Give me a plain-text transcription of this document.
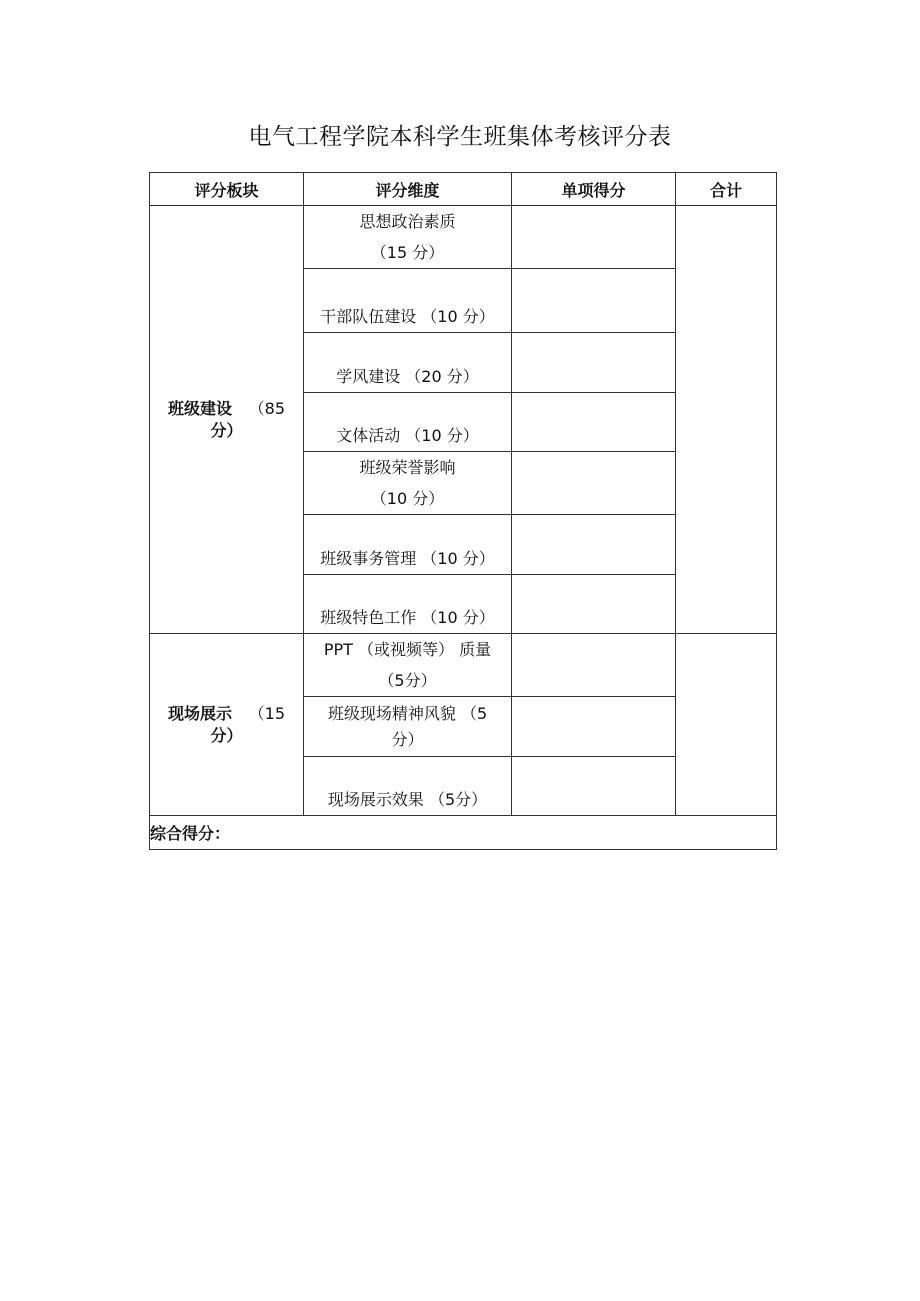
电气工程学院本科学生班集体考核评分表
评分板块	评分维度	单项得分	合计
班级建设 （85
分）	思想政治素质
（15 分）		

	干部队伍建设 （10 分）		

	学风建设 （20 分）		

	文体活动 （10 分）		

	班级荣誉影响
（10 分）		

	班级事务管理 （10 分）		

	班级特色工作 （10 分）		

现场展示 （15
分）	PPT （或视频等） 质量
（5分）		

	班级现场精神风貌 （5
分）		

	现场展示效果 （5分）		

综合得分：			
